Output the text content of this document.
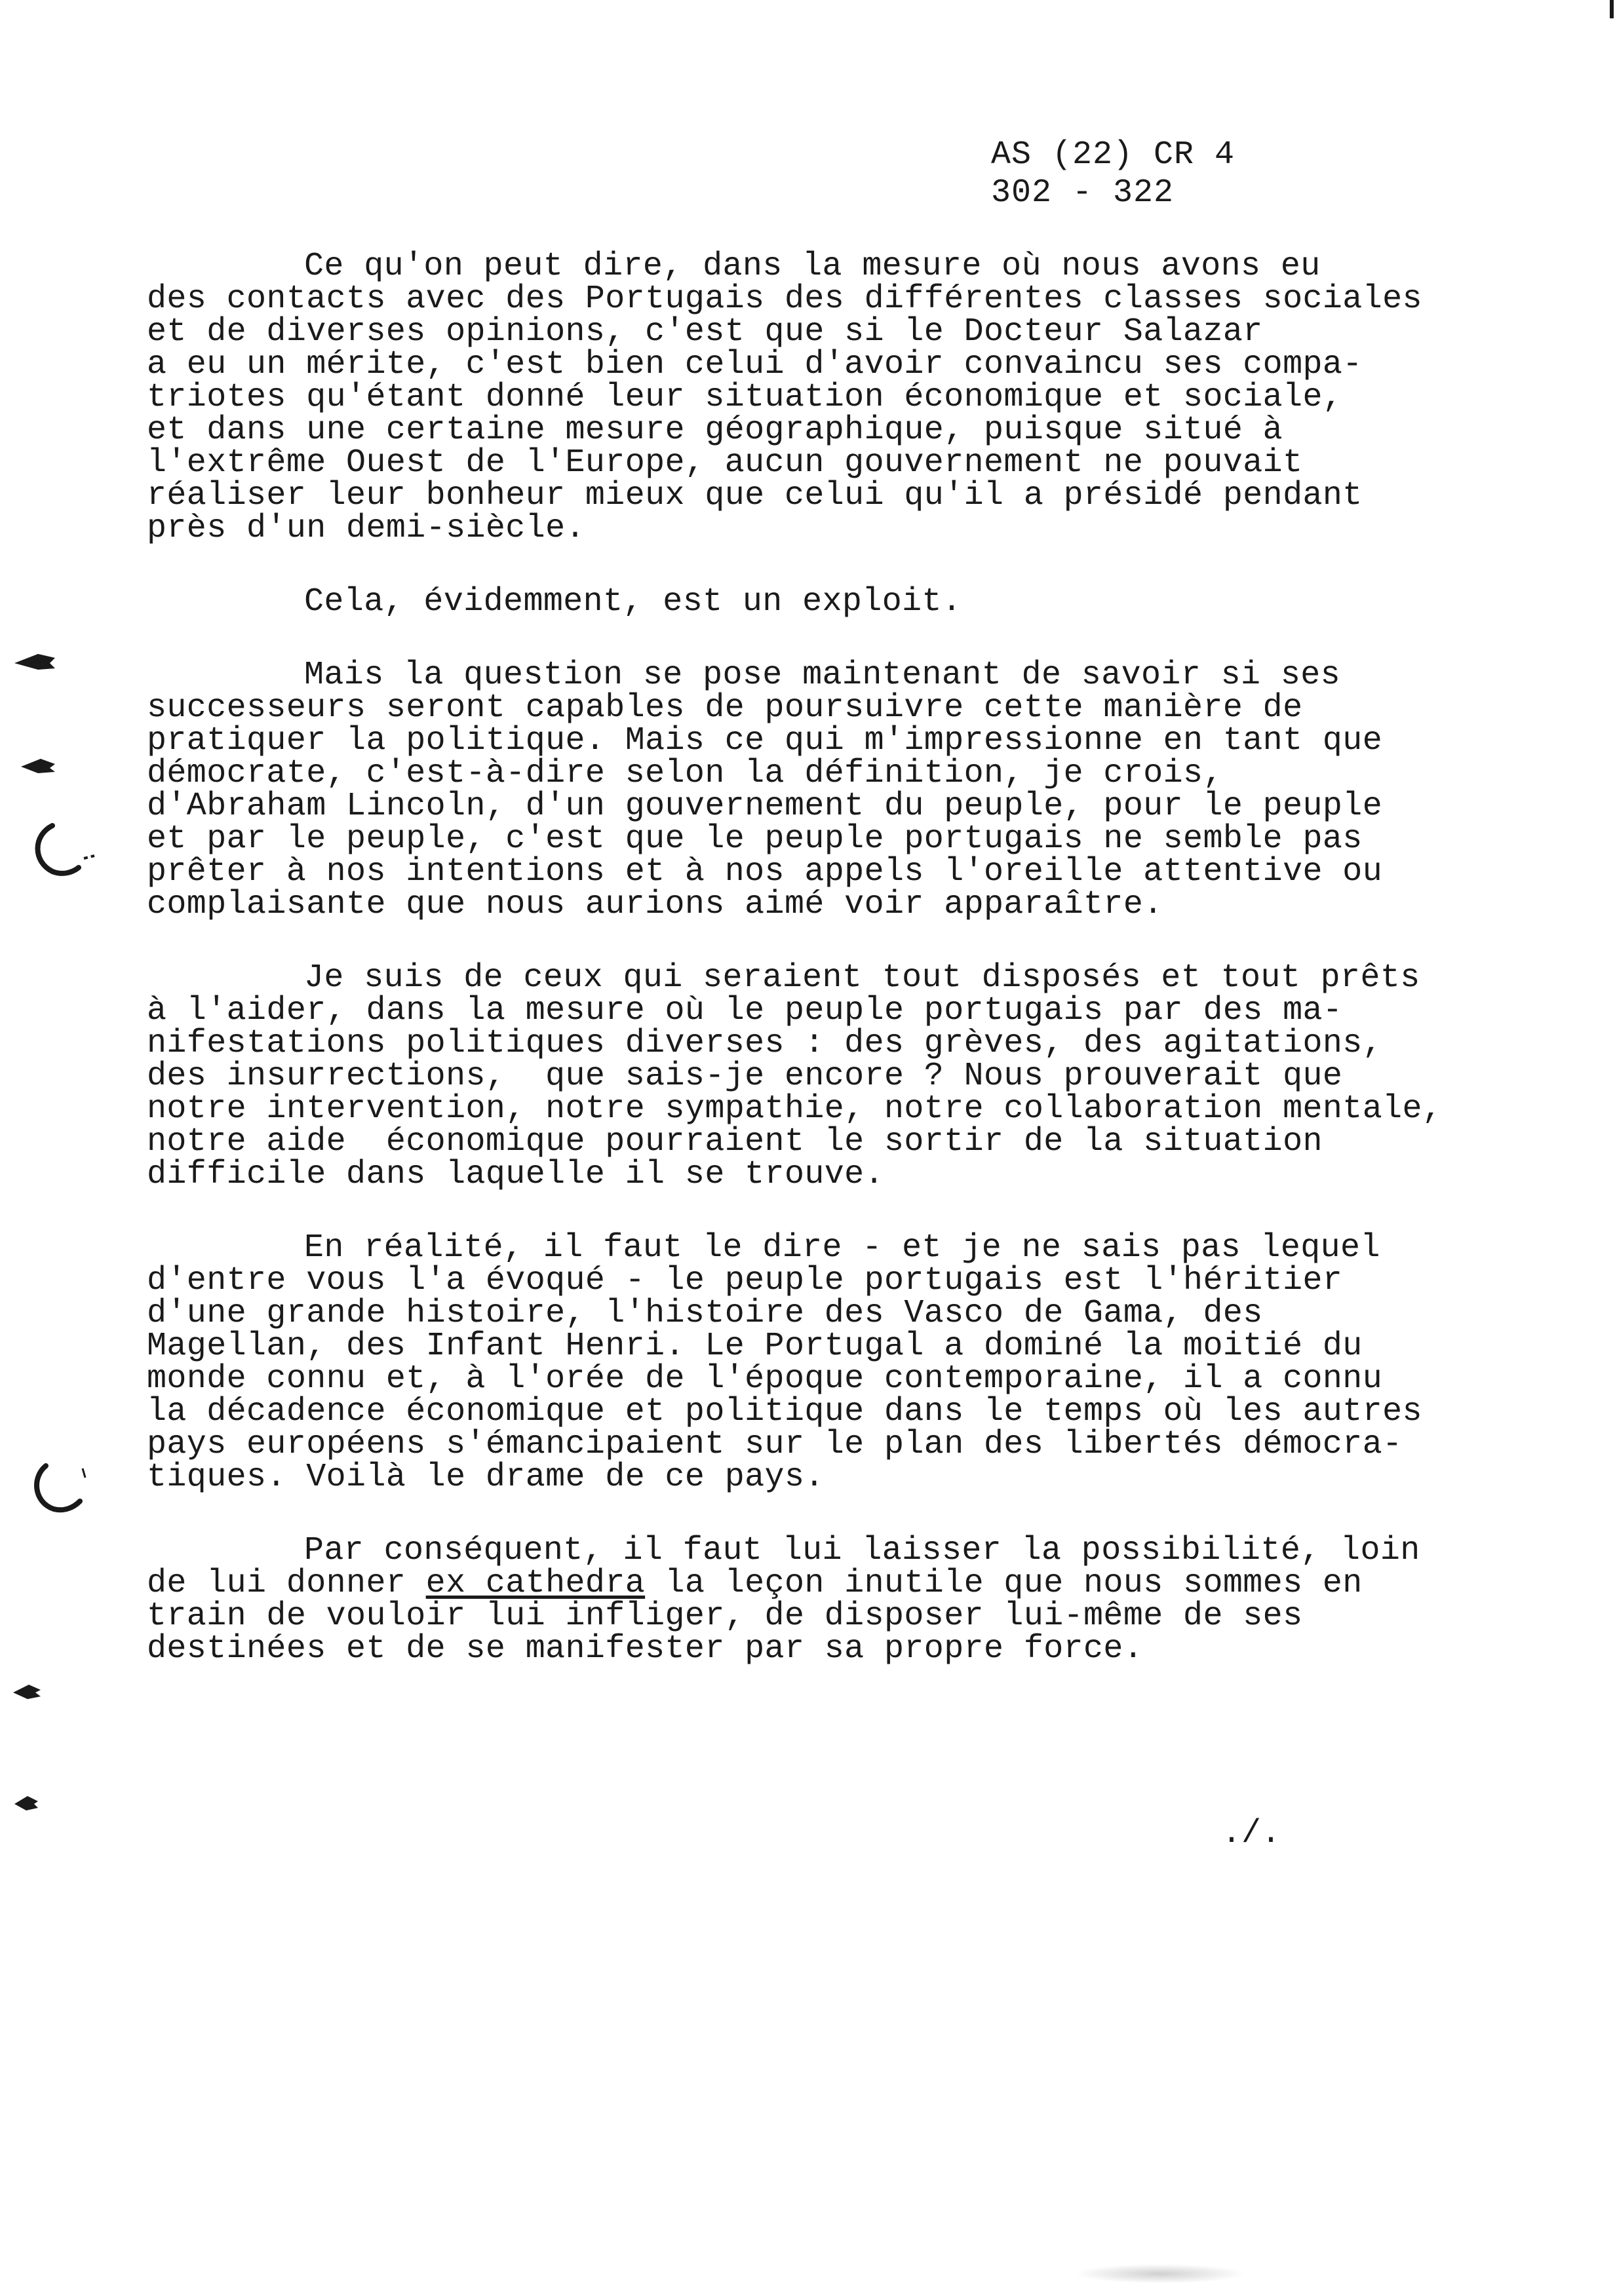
AS (22) CR 4
302 - 322

Ce qu'on peut dire, dans la mesure où nous avons eu
des contacts avec des Portugais des différentes classes sociales
et de diverses opinions, c'est que si le Docteur Salazar
a eu un mérite, c'est bien celui d'avoir convaincu ses compa-
triotes qu'étant donné leur situation économique et sociale,
et dans une certaine mesure géographique, puisque situé à
l'extrême Ouest de l'Europe, aucun gouvernement ne pouvait
réaliser leur bonheur mieux que celui qu'il a présidé pendant
près d'un demi-siècle.

Cela, évidemment, est un exploit.

Mais la question se pose maintenant de savoir si ses
successeurs seront capables de poursuivre cette manière de
pratiquer la politique. Mais ce qui m'impressionne en tant que
démocrate, c'est-à-dire selon la définition, je crois,
d'Abraham Lincoln, d'un gouvernement du peuple, pour le peuple
et par le peuple, c'est que le peuple portugais ne semble pas
prêter à nos intentions et à nos appels l'oreille attentive ou
complaisante que nous aurions aimé voir apparaître.

Je suis de ceux qui seraient tout disposés et tout prêts
à l'aider, dans la mesure où le peuple portugais par des ma-
nifestations politiques diverses : des grèves, des agitations,
des insurrections,  que sais-je encore ? Nous prouverait que
notre intervention, notre sympathie, notre collaboration mentale,
notre aide  économique pourraient le sortir de la situation
difficile dans laquelle il se trouve.

En réalité, il faut le dire - et je ne sais pas lequel
d'entre vous l'a évoqué - le peuple portugais est l'héritier
d'une grande histoire, l'histoire des Vasco de Gama, des
Magellan, des Infant Henri. Le Portugal a dominé la moitié du
monde connu et, à l'orée de l'époque contemporaine, il a connu
la décadence économique et politique dans le temps où les autres
pays européens s'émancipaient sur le plan des libertés démocra-
tiques. Voilà le drame de ce pays.

Par conséquent, il faut lui laisser la possibilité, loin
de lui donner ex cathedra la leçon inutile que nous sommes en
train de vouloir lui infliger, de disposer lui-même de ses
destinées et de se manifester par sa propre force.

./.
